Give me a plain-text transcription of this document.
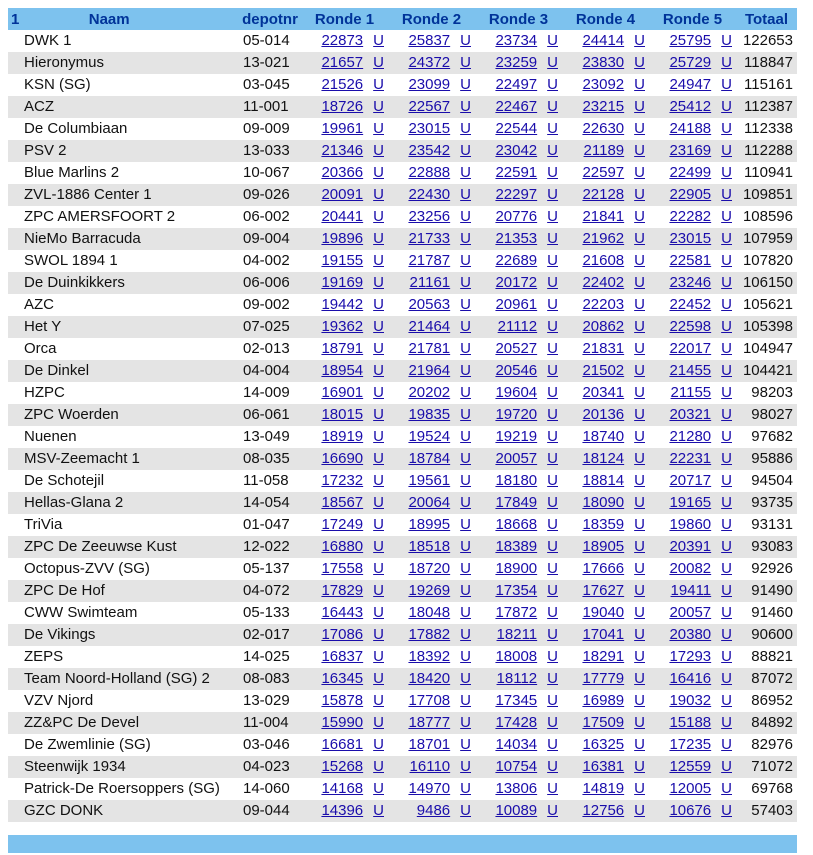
1 Naam	depotnr	Ronde 1	Ronde 2	Ronde 3	Ronde 4	Ronde 5	Totaal
DWK 1	05-014	22873 U	25837 U	23734 U	24414 U	25795 U	122653
Hieronymus	13-021	21657 U	24372 U	23259 U	23830 U	25729 U	118847
KSN (SG)	03-045	21526 U	23099 U	22497 U	23092 U	24947 U	115161
ACZ	11-001	18726 U	22567 U	22467 U	23215 U	25412 U	112387
De Columbiaan	09-009	19961 U	23015 U	22544 U	22630 U	24188 U	112338
PSV 2	13-033	21346 U	23542 U	23042 U	21189 U	23169 U	112288
Blue Marlins 2	10-067	20366 U	22888 U	22591 U	22597 U	22499 U	110941
ZVL-1886 Center 1	09-026	20091 U	22430 U	22297 U	22128 U	22905 U	109851
ZPC AMERSFOORT 2	06-002	20441 U	23256 U	20776 U	21841 U	22282 U	108596
NieMo Barracuda	09-004	19896 U	21733 U	21353 U	21962 U	23015 U	107959
SWOL 1894 1	04-002	19155 U	21787 U	22689 U	21608 U	22581 U	107820
De Duinkikkers	06-006	19169 U	21161 U	20172 U	22402 U	23246 U	106150
AZC	09-002	19442 U	20563 U	20961 U	22203 U	22452 U	105621
Het Y	07-025	19362 U	21464 U	21112 U	20862 U	22598 U	105398
Orca	02-013	18791 U	21781 U	20527 U	21831 U	22017 U	104947
De Dinkel	04-004	18954 U	21964 U	20546 U	21502 U	21455 U	104421
HZPC	14-009	16901 U	20202 U	19604 U	20341 U	21155 U	98203
ZPC Woerden	06-061	18015 U	19835 U	19720 U	20136 U	20321 U	98027
Nuenen	13-049	18919 U	19524 U	19219 U	18740 U	21280 U	97682
MSV-Zeemacht 1	08-035	16690 U	18784 U	20057 U	18124 U	22231 U	95886
De Schotejil	11-058	17232 U	19561 U	18180 U	18814 U	20717 U	94504
Hellas-Glana 2	14-054	18567 U	20064 U	17849 U	18090 U	19165 U	93735
TriVia	01-047	17249 U	18995 U	18668 U	18359 U	19860 U	93131
ZPC De Zeeuwse Kust	12-022	16880 U	18518 U	18389 U	18905 U	20391 U	93083
Octopus-ZVV (SG)	05-137	17558 U	18720 U	18900 U	17666 U	20082 U	92926
ZPC De Hof	04-072	17829 U	19269 U	17354 U	17627 U	19411 U	91490
CWW Swimteam	05-133	16443 U	18048 U	17872 U	19040 U	20057 U	91460
De Vikings	02-017	17086 U	17882 U	18211 U	17041 U	20380 U	90600
ZEPS	14-025	16837 U	18392 U	18008 U	18291 U	17293 U	88821
Team Noord-Holland (SG) 2	08-083	16345 U	18420 U	18112 U	17779 U	16416 U	87072
VZV Njord	13-029	15878 U	17708 U	17345 U	16989 U	19032 U	86952
ZZ&PC De Devel	11-004	15990 U	18777 U	17428 U	17509 U	15188 U	84892
De Zwemlinie (SG)	03-046	16681 U	18701 U	14034 U	16325 U	17235 U	82976
Steenwijk 1934	04-023	15268 U	16110 U	10754 U	16381 U	12559 U	71072
Patrick-De Roersoppers (SG)	14-060	14168 U	14970 U	13806 U	14819 U	12005 U	69768
GZC DONK	09-044	14396 U	9486 U	10089 U	12756 U	10676 U	57403
